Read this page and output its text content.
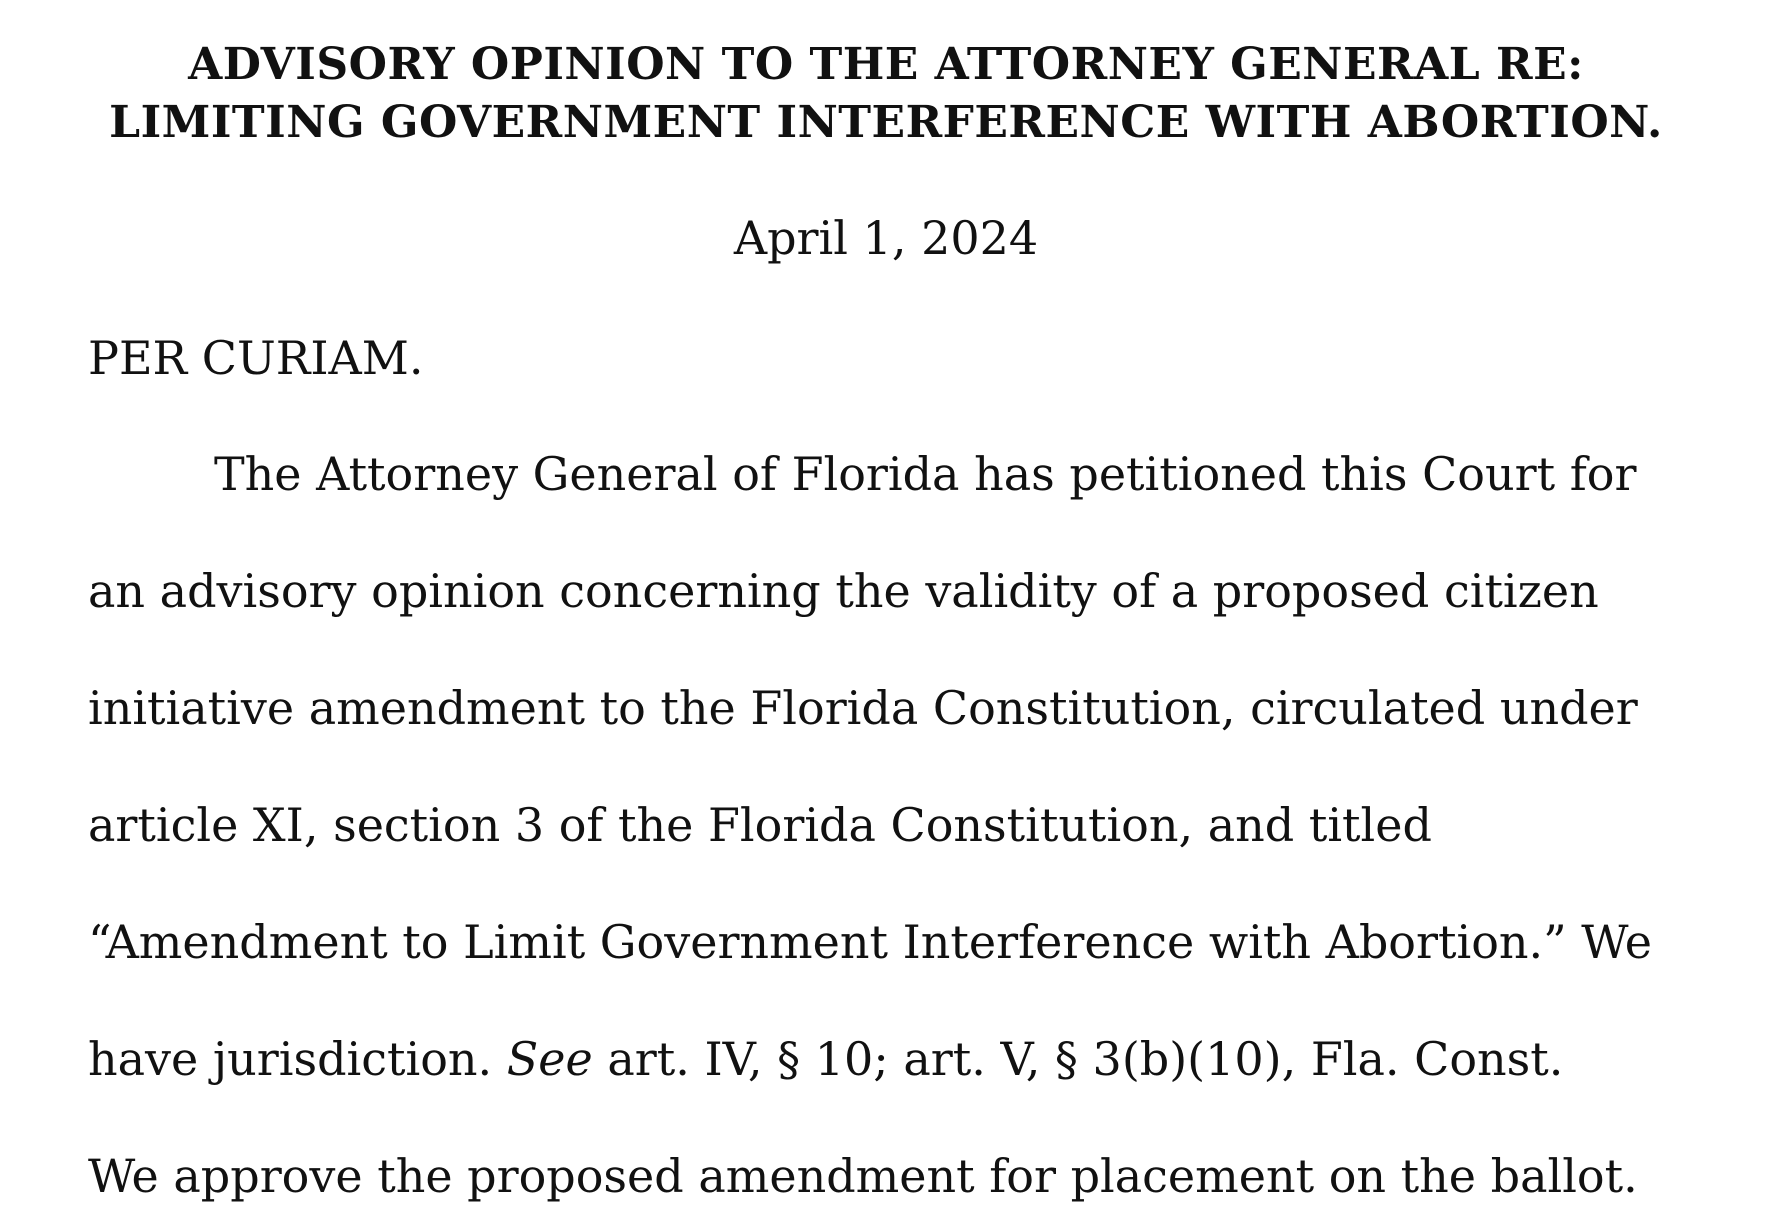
ADVISORY OPINION TO THE ATTORNEY GENERAL RE:
LIMITING GOVERNMENT INTERFERENCE WITH ABORTION.
April 1, 2024
PER CURIAM.
The Attorney General of Florida has petitioned this Court for
an advisory opinion concerning the validity of a proposed citizen
initiative amendment to the Florida Constitution, circulated under
article XI, section 3 of the Florida Constitution, and titled
“Amendment to Limit Government Interference with Abortion.” We
have jurisdiction. See art. IV, § 10; art. V, § 3(b)(10), Fla. Const.
We approve the proposed amendment for placement on the ballot.
